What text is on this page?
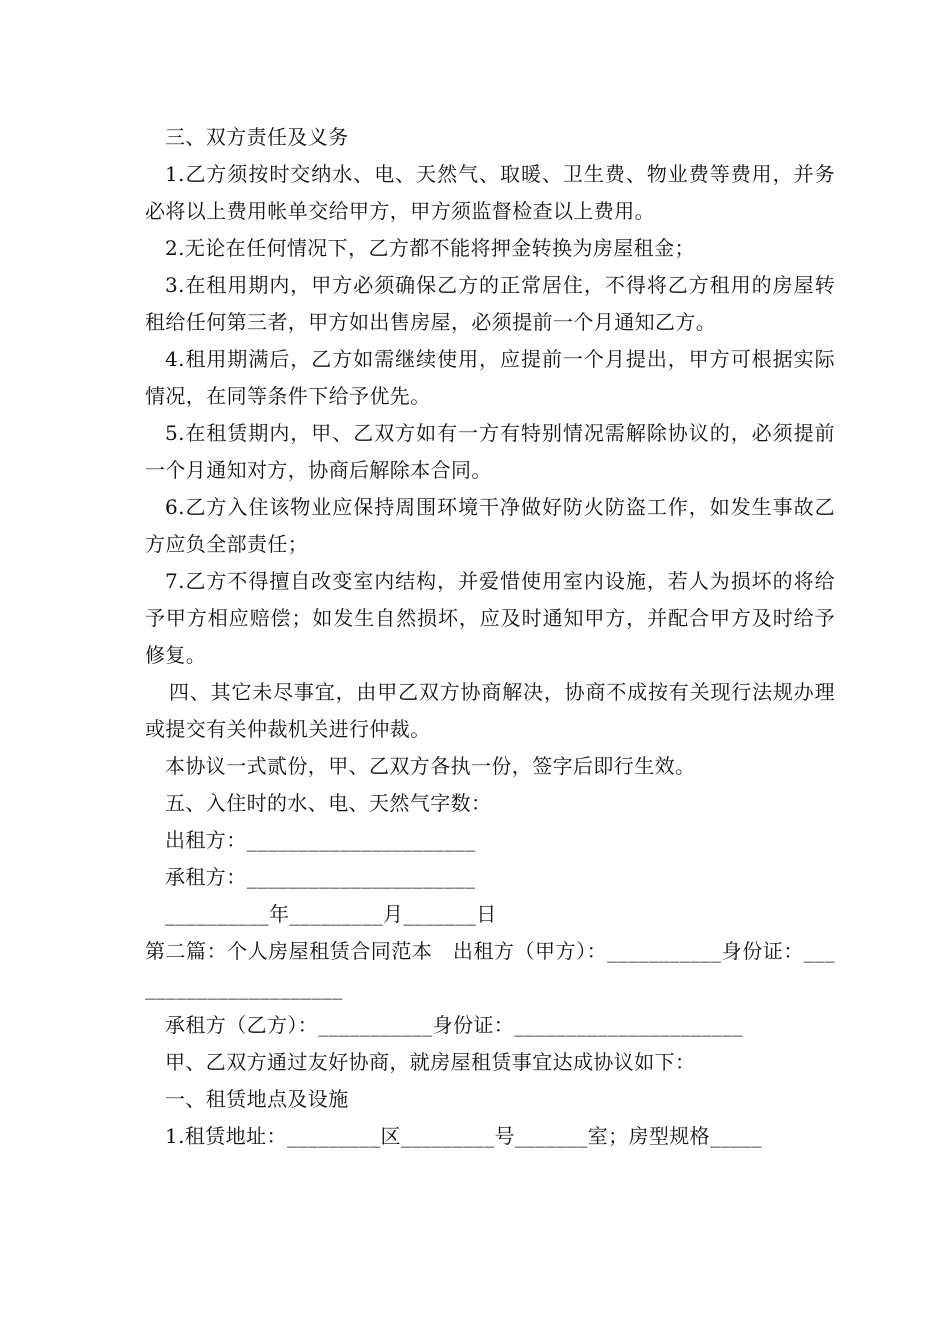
三、双方责任及义务

1.乙方须按时交纳水、电、天然气、取暖、卫生费、物业费等费用，并务必将以上费用帐单交给甲方，甲方须监督检查以上费用。

2.无论在任何情况下，乙方都不能将押金转换为房屋租金；

3.在租用期内，甲方必须确保乙方的正常居住，不得将乙方租用的房屋转租给任何第三者，甲方如出售房屋，必须提前一个月通知乙方。

4.租用期满后，乙方如需继续使用，应提前一个月提出，甲方可根据实际情况，在同等条件下给予优先。

5.在租赁期内，甲、乙双方如有一方有特别情况需解除协议的，必须提前一个月通知对方，协商后解除本合同。

6.乙方入住该物业应保持周围环境干净做好防火防盗工作，如发生事故乙方应负全部责任；

7.乙方不得擅自改变室内结构，并爱惜使用室内设施，若人为损坏的将给予甲方相应赔偿；如发生自然损坏，应及时通知甲方，并配合甲方及时给予修复。

四、其它未尽事宜，由甲乙双方协商解决，协商不成按有关现行法规办理或提交有关仲裁机关进行仲裁。

本协议一式贰份，甲、乙双方各执一份，签字后即行生效。

五、入住时的水、电、天然气字数：

出租方：______________________

承租方：______________________

__________年_________月_______日

第二篇：个人房屋租赁合同范本　出租方（甲方）：___________身份证：______________________

承租方（乙方）：___________身份证：______________________

甲、乙双方通过友好协商，就房屋租赁事宜达成协议如下：

一、租赁地点及设施

1.租赁地址：_________区_________号_______室；房型规格_____
